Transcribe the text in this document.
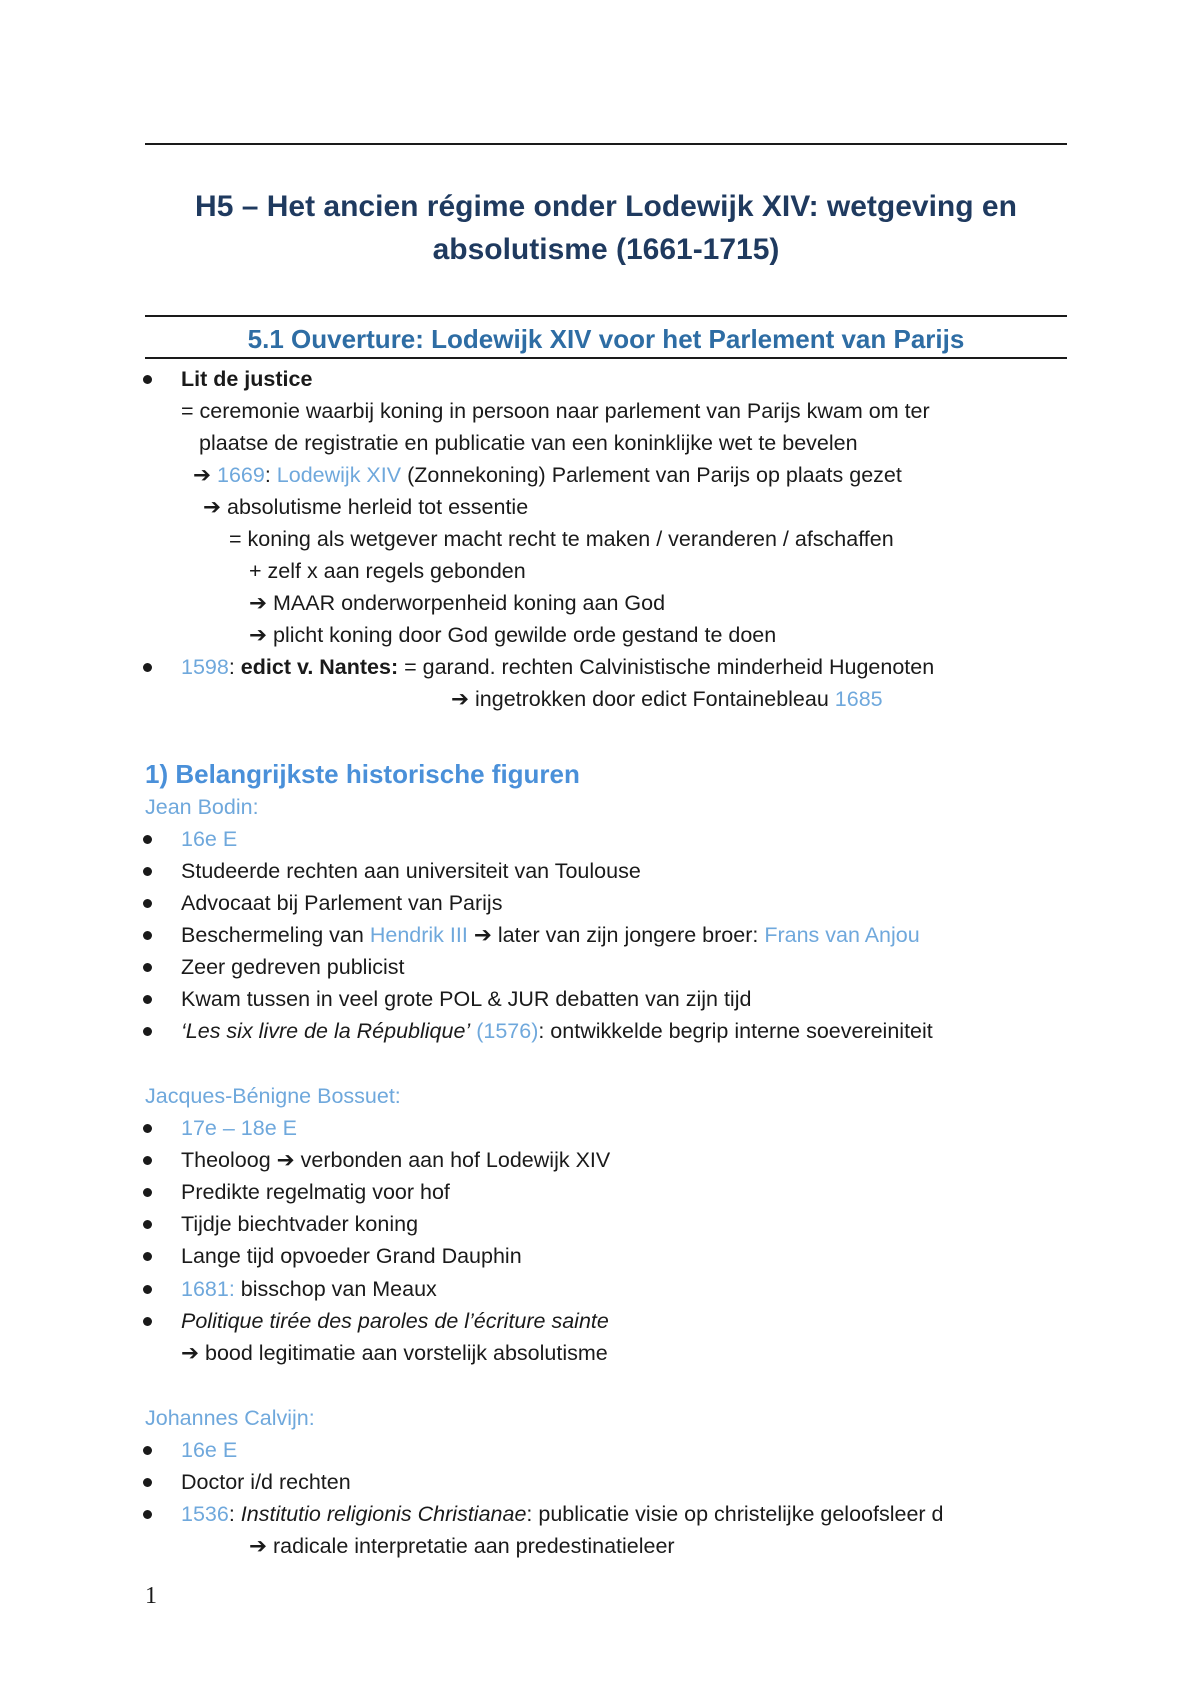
H5 – Het ancien régime onder Lodewijk XIV: wetgeving en
absolutisme (1661-1715)
5.1 Ouverture: Lodewijk XIV voor het Parlement van Parijs
Lit de justice
= ceremonie waarbij koning in persoon naar parlement van Parijs kwam om ter
plaatse de registratie en publicatie van een koninklijke wet te bevelen
➔ 1669: Lodewijk XIV (Zonnekoning) Parlement van Parijs op plaats gezet
➔ absolutisme herleid tot essentie
= koning als wetgever macht recht te maken / veranderen / afschaffen
+ zelf x aan regels gebonden
➔ MAAR onderworpenheid koning aan God
➔ plicht koning door God gewilde orde gestand te doen
1598: edict v. Nantes: = garand. rechten Calvinistische minderheid Hugenoten
➔ ingetrokken door edict Fontainebleau 1685
1) Belangrijkste historische figuren
Jean Bodin:
16e E
Studeerde rechten aan universiteit van Toulouse
Advocaat bij Parlement van Parijs
Beschermeling van Hendrik III ➔ later van zijn jongere broer: Frans van Anjou
Zeer gedreven publicist
Kwam tussen in veel grote POL & JUR debatten van zijn tijd
‘Les six livre de la République’ (1576): ontwikkelde begrip interne soevereiniteit
Jacques-Bénigne Bossuet:
17e – 18e E
Theoloog ➔ verbonden aan hof Lodewijk XIV
Predikte regelmatig voor hof
Tijdje biechtvader koning
Lange tijd opvoeder Grand Dauphin
1681: bisschop van Meaux
Politique tirée des paroles de l’écriture sainte
➔ bood legitimatie aan vorstelijk absolutisme
Johannes Calvijn:
16e E
Doctor i/d rechten
1536: Institutio religionis Christianae: publicatie visie op christelijke geloofsleer d
➔ radicale interpretatie aan predestinatieleer
1
